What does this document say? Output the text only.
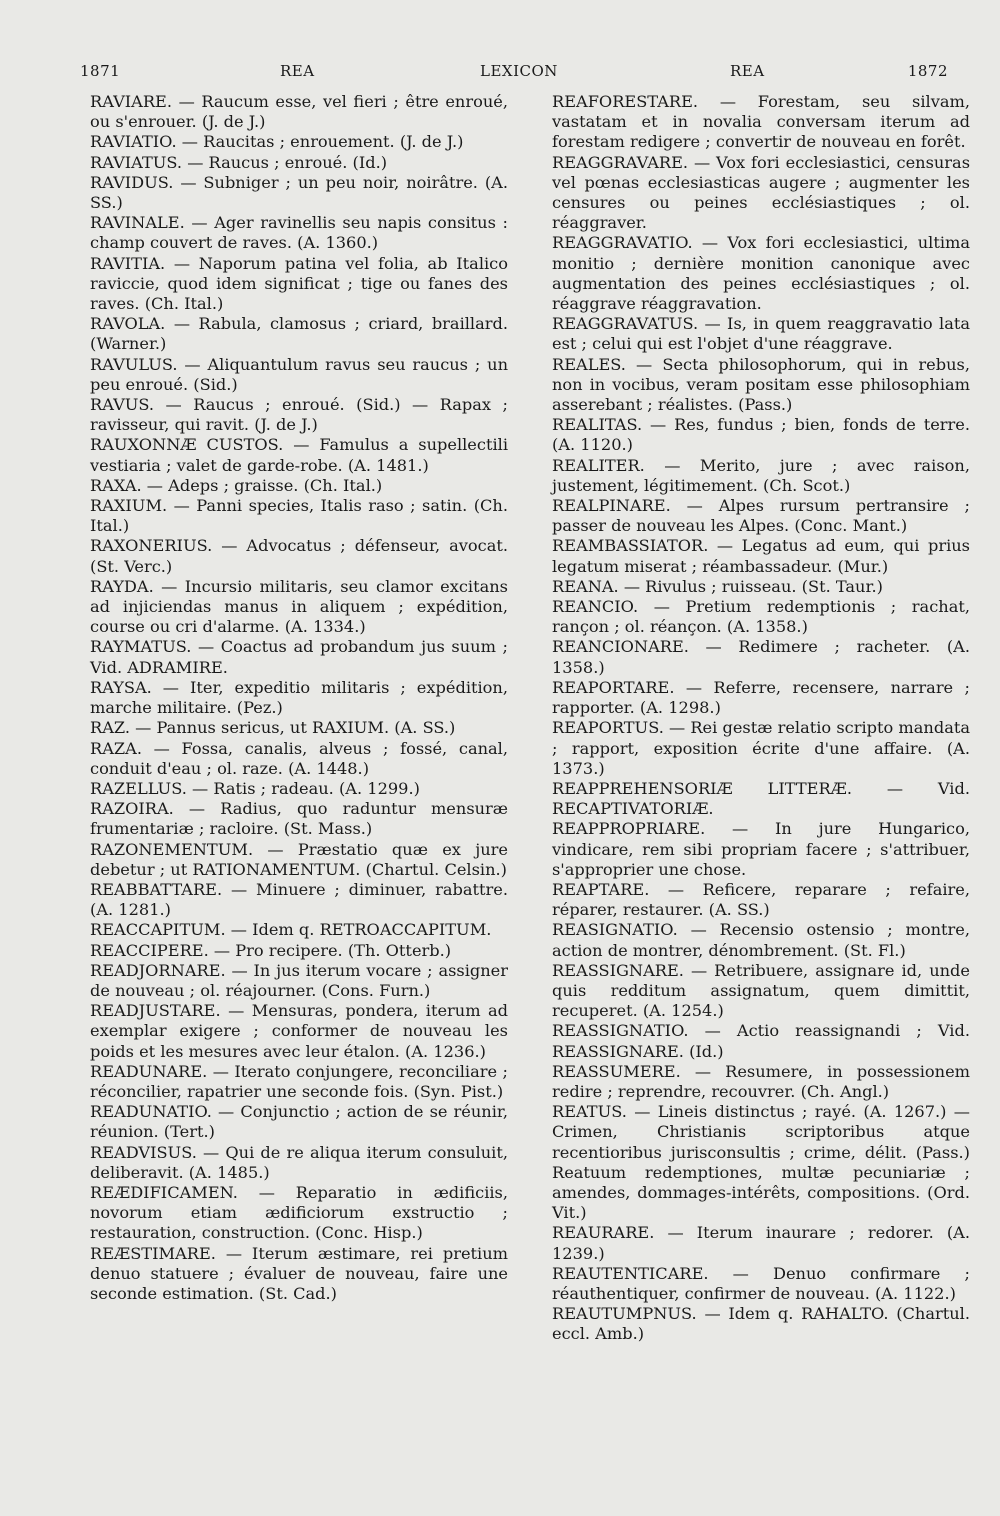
1871	REA	LEXICON	REA	1872

RAVIARE. — Raucum esse, vel fieri ; être enroué, ou s'enrouer. (J. de J.)

RAVIATIO. — Raucitas ; enrouement. (J. de J.)

RAVIATUS. — Raucus ; enroué. (Id.)

RAVIDUS. — Subniger ; un peu noir, noirâtre. (A. SS.)

RAVINALE. — Ager ravinellis seu napis consitus : champ couvert de raves. (A. 1360.)

RAVITIA. — Naporum patina vel folia, ab Italico raviccie, quod idem significat ; tige ou fanes des raves. (Ch. Ital.)

RAVOLA. — Rabula, clamosus ; criard, braillard. (Warner.)

RAVULUS. — Aliquantulum ravus seu raucus ; un peu enroué. (Sid.)

RAVUS. — Raucus ; enroué. (Sid.) — Rapax ; ravisseur, qui ravit. (J. de J.)

RAUXONNÆ CUSTOS. — Famulus a supellectili vestiaria ; valet de garde-robe. (A. 1481.)

RAXA. — Adeps ; graisse. (Ch. Ital.)

RAXIUM. — Panni species, Italis raso ; satin. (Ch. Ital.)

RAXONERIUS. — Advocatus ; défenseur, avocat. (St. Verc.)

RAYDA. — Incursio militaris, seu clamor excitans ad injiciendas manus in aliquem ; expédition, course ou cri d'alarme. (A. 1334.)

RAYMATUS. — Coactus ad probandum jus suum ; Vid. ADRAMIRE.

RAYSA. — Iter, expeditio militaris ; expédition, marche militaire. (Pez.)

RAZ. — Pannus sericus, ut RAXIUM. (A. SS.)

RAZA. — Fossa, canalis, alveus ; fossé, canal, conduit d'eau ; ol. raze. (A. 1448.)

RAZELLUS. — Ratis ; radeau. (A. 1299.)

RAZOIRA. — Radius, quo raduntur mensuræ frumentariæ ; racloire. (St. Mass.)

RAZONEMENTUM. — Præstatio quæ ex jure debetur ; ut RATIONAMENTUM. (Chartul. Celsin.)

REABBATTARE. — Minuere ; diminuer, rabattre. (A. 1281.)

REACCAPITUM. — Idem q. RETROACCAPITUM.

REACCIPERE. — Pro recipere. (Th. Otterb.)

READJORNARE. — In jus iterum vocare ; assigner de nouveau ; ol. réajourner. (Cons. Furn.)

READJUSTARE. — Mensuras, pondera, iterum ad exemplar exigere ; conformer de nouveau les poids et les mesures avec leur étalon. (A. 1236.)

READUNARE. — Iterato conjungere, reconciliare ; réconcilier, rapatrier une seconde fois. (Syn. Pist.)

READUNATIO. — Conjunctio ; action de se réunir, réunion. (Tert.)

READVISUS. — Qui de re aliqua iterum consuluit, deliberavit. (A. 1485.)

REÆDIFICAMEN. — Reparatio in ædificiis, novorum etiam ædificiorum exstructio ; restauration, construction. (Conc. Hisp.)

REÆSTIMARE. — Iterum æstimare, rei pretium denuo statuere ; évaluer de nouveau, faire une seconde estimation. (St. Cad.)

REAFORESTARE. — Forestam, seu silvam, vastatam et in novalia conversam iterum ad forestam redigere ; convertir de nouveau en forêt.

REAGGRAVARE. — Vox fori ecclesiastici, censuras vel pœnas ecclesiasticas augere ; augmenter les censures ou peines ecclésiastiques ; ol. réaggraver.

REAGGRAVATIO. — Vox fori ecclesiastici, ultima monitio ; dernière monition canonique avec augmentation des peines ecclésiastiques ; ol. réaggrave réaggravation.

REAGGRAVATUS. — Is, in quem reaggravatio lata est ; celui qui est l'objet d'une réaggrave.

REALES. — Secta philosophorum, qui in rebus, non in vocibus, veram positam esse philosophiam asserebant ; réalistes. (Pass.)

REALITAS. — Res, fundus ; bien, fonds de terre. (A. 1120.)

REALITER. — Merito, jure ; avec raison, justement, légitimement. (Ch. Scot.)

REALPINARE. — Alpes rursum pertransire ; passer de nouveau les Alpes. (Conc. Mant.)

REAMBASSIATOR. — Legatus ad eum, qui prius legatum miserat ; réambassadeur. (Mur.)

REANA. — Rivulus ; ruisseau. (St. Taur.)

REANCIO. — Pretium redemptionis ; rachat, rançon ; ol. réançon. (A. 1358.)

REANCIONARE. — Redimere ; racheter. (A. 1358.)

REAPORTARE. — Referre, recensere, narrare ; rapporter. (A. 1298.)

REAPORTUS. — Rei gestæ relatio scripto mandata ; rapport, exposition écrite d'une affaire. (A. 1373.)

REAPPREHENSORIÆ LITTERÆ. — Vid. RECAPTIVATORIÆ.

REAPPROPRIARE. — In jure Hungarico, vindicare, rem sibi propriam facere ; s'attribuer, s'approprier une chose.

REAPTARE. — Reficere, reparare ; refaire, réparer, restaurer. (A. SS.)

REASIGNATIO. — Recensio ostensio ; montre, action de montrer, dénombrement. (St. Fl.)

REASSIGNARE. — Retribuere, assignare id, unde quis redditum assignatum, quem dimittit, recuperet. (A. 1254.)

REASSIGNATIO. — Actio reassignandi ; Vid. REASSIGNARE. (Id.)

REASSUMERE. — Resumere, in possessionem redire ; reprendre, recouvrer. (Ch. Angl.)

REATUS. — Lineis distinctus ; rayé. (A. 1267.) — Crimen, Christianis scriptoribus atque recentioribus jurisconsultis ; crime, délit. (Pass.) Reatuum redemptiones, multæ pecuniariæ ; amendes, dommages-intérêts, compositions. (Ord. Vit.)

REAURARE. — Iterum inaurare ; redorer. (A. 1239.)

REAUTENTICARE. — Denuo confirmare ; réauthentiquer, confirmer de nouveau. (A. 1122.)

REAUTUMPNUS. — Idem q. RAHALTO. (Chartul. eccl. Amb.)
